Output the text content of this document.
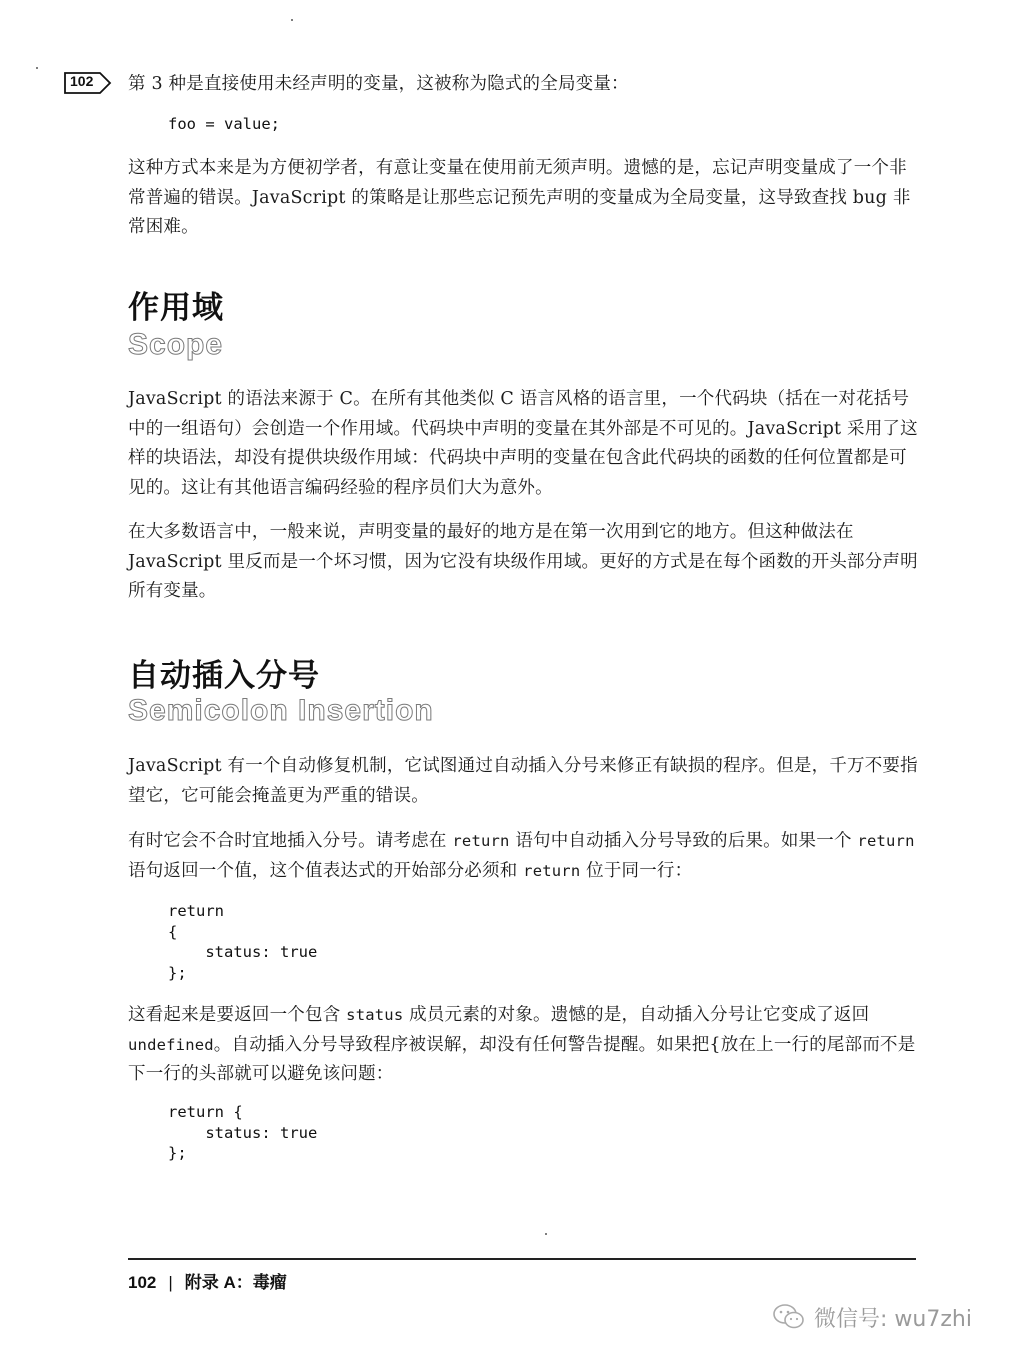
102 第 3 种是直接使用未经声明的变量，这被称为隐式的全局变量：

foo = value;

这种方式本来是为方便初学者，有意让变量在使用前无须声明。遗憾的是，忘记声明变量成了一个非常普遍的错误。JavaScript 的策略是让那些忘记预先声明的变量成为全局变量，这导致查找 bug 非常困难。

作用域
Scope

JavaScript 的语法来源于 C。在所有其他类似 C 语言风格的语言里，一个代码块（括在一对花括号中的一组语句）会创造一个作用域。代码块中声明的变量在其外部是不可见的。JavaScript 采用了这样的块语法，却没有提供块级作用域：代码块中声明的变量在包含此代码块的函数的任何位置都是可见的。这让有其他语言编码经验的程序员们大为意外。

在大多数语言中，一般来说，声明变量的最好的地方是在第一次用到它的地方。但这种做法在 JavaScript 里反而是一个坏习惯，因为它没有块级作用域。更好的方式是在每个函数的开头部分声明所有变量。

自动插入分号
Semicolon Insertion

JavaScript 有一个自动修复机制，它试图通过自动插入分号来修正有缺损的程序。但是，千万不要指望它，它可能会掩盖更为严重的错误。

有时它会不合时宜地插入分号。请考虑在 return 语句中自动插入分号导致的后果。如果一个 return 语句返回一个值，这个值表达式的开始部分必须和 return 位于同一行：

return
{
status: true
};

这看起来是要返回一个包含 status 成员元素的对象。遗憾的是，自动插入分号让它变成了返回 undefined。自动插入分号导致程序被误解，却没有任何警告提醒。如果把{放在上一行的尾部而不是下一行的头部就可以避免该问题：

return {
status: true
};
102 | 附录 A：毒瘤
微信号: wu7zhi
